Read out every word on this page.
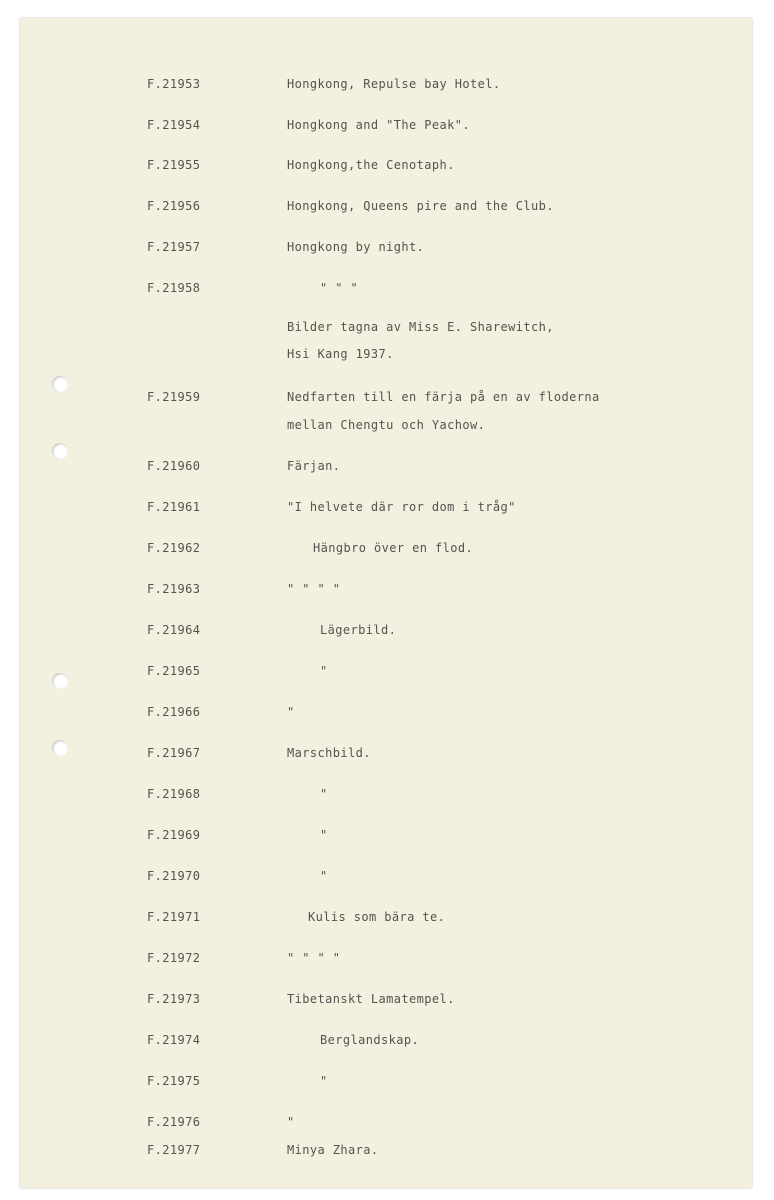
F.21953	Hongkong, Repulse bay Hotel.
F.21954	Hongkong and "The Peak".
F.21955	Hongkong,the Cenotaph.
F.21956	Hongkong, Queens pire and the Club.
F.21957	Hongkong by night.
F.21958	" " "
Bilder tagna av Miss E. Sharewitch,
Hsi Kang 1937.
F.21959	Nedfarten till en färja på en av floderna
mellan Chengtu och Yachow.
F.21960	Färjan.
F.21961	"I helvete där ror dom i tråg"
F.21962	Hängbro över en flod.
F.21963	" " " "
F.21964	Lägerbild.
F.21965	"
F.21966	"
F.21967	Marschbild.
F.21968	"
F.21969	"
F.21970	"
F.21971	Kulis som bära te.
F.21972	" " " "
F.21973	Tibetanskt Lamatempel.
F.21974	Berglandskap.
F.21975	"
F.21976	"
F.21977	Minya Zhara.
